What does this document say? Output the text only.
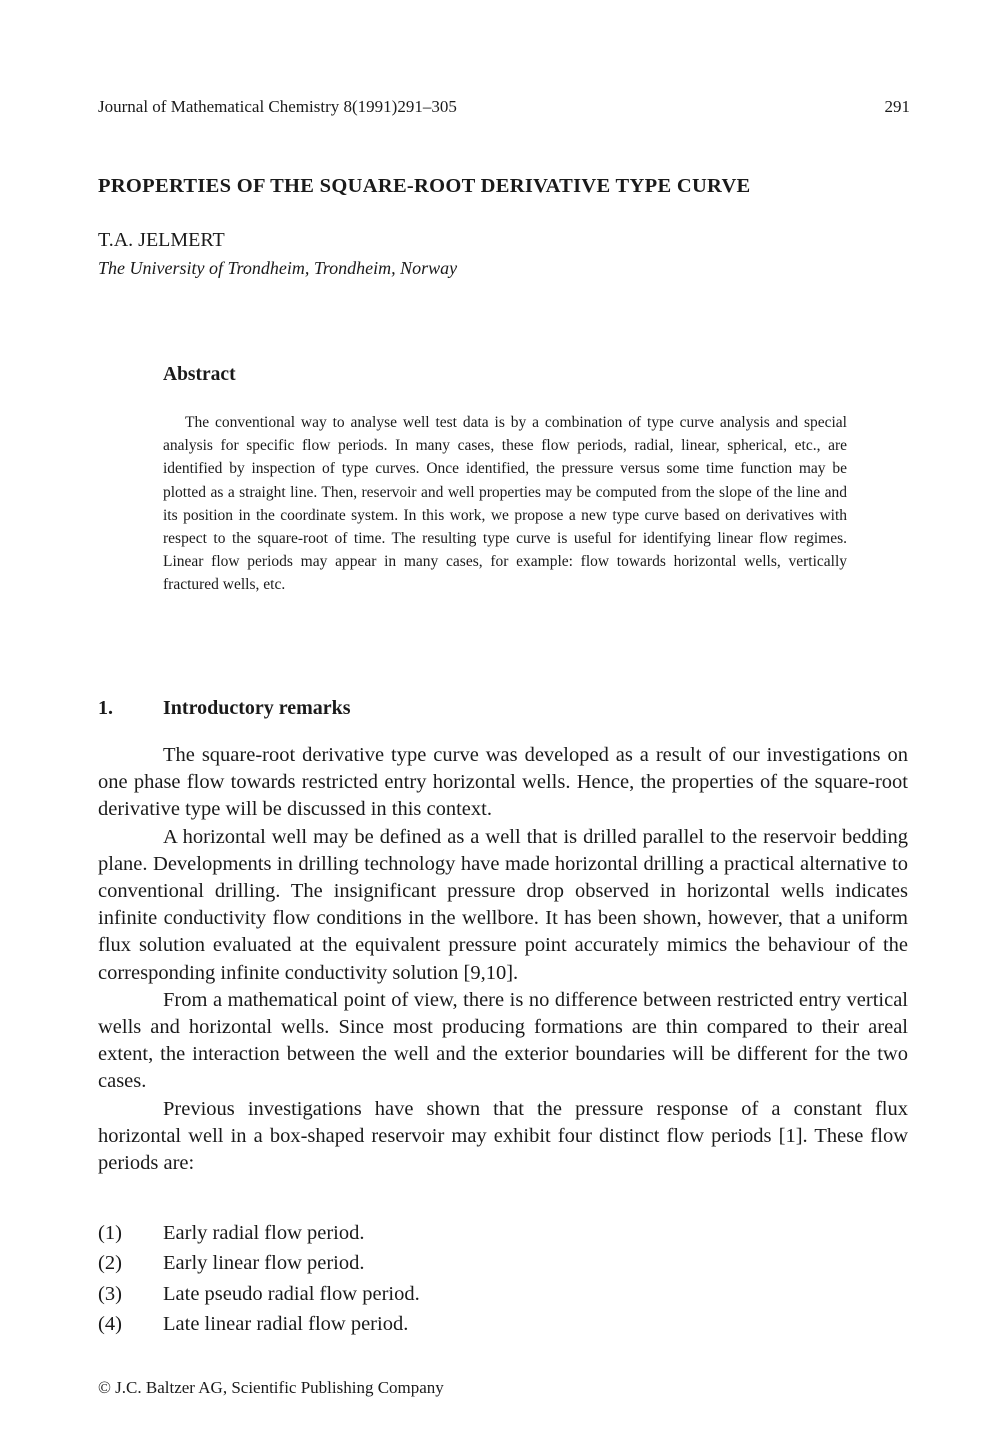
Journal of Mathematical Chemistry 8(1991)291–305	291
PROPERTIES OF THE SQUARE-ROOT DERIVATIVE TYPE CURVE
T.A. JELMERT
The University of Trondheim, Trondheim, Norway
Abstract

The conventional way to analyse well test data is by a combination of type curve analysis and special analysis for specific flow periods. In many cases, these flow periods, radial, linear, spherical, etc., are identified by inspection of type curves. Once identified, the pressure versus some time function may be plotted as a straight line. Then, reservoir and well properties may be computed from the slope of the line and its position in the coordinate system. In this work, we propose a new type curve based on derivatives with respect to the square-root of time. The resulting type curve is useful for identifying linear flow regimes. Linear flow periods may appear in many cases, for example: flow towards horizontal wells, vertically fractured wells, etc.

1.	Introductory remarks

The square-root derivative type curve was developed as a result of our investigations on one phase flow towards restricted entry horizontal wells. Hence, the properties of the square-root derivative type will be discussed in this context.

A horizontal well may be defined as a well that is drilled parallel to the reservoir bedding plane. Developments in drilling technology have made horizontal drilling a practical alternative to conventional drilling. The insignificant pressure drop observed in horizontal wells indicates infinite conductivity flow conditions in the wellbore. It has been shown, however, that a uniform flux solution evaluated at the equivalent pressure point accurately mimics the behaviour of the corresponding infinite conductivity solution [9,10].

From a mathematical point of view, there is no difference between restricted entry vertical wells and horizontal wells. Since most producing formations are thin compared to their areal extent, the interaction between the well and the exterior boundaries will be different for the two cases.

Previous investigations have shown that the pressure response of a constant flux horizontal well in a box-shaped reservoir may exhibit four distinct flow periods [1]. These flow periods are:

(1)	Early radial flow period.
(2)	Early linear flow period.
(3)	Late pseudo radial flow period.
(4)	Late linear radial flow period.
© J.C. Baltzer AG, Scientific Publishing Company
